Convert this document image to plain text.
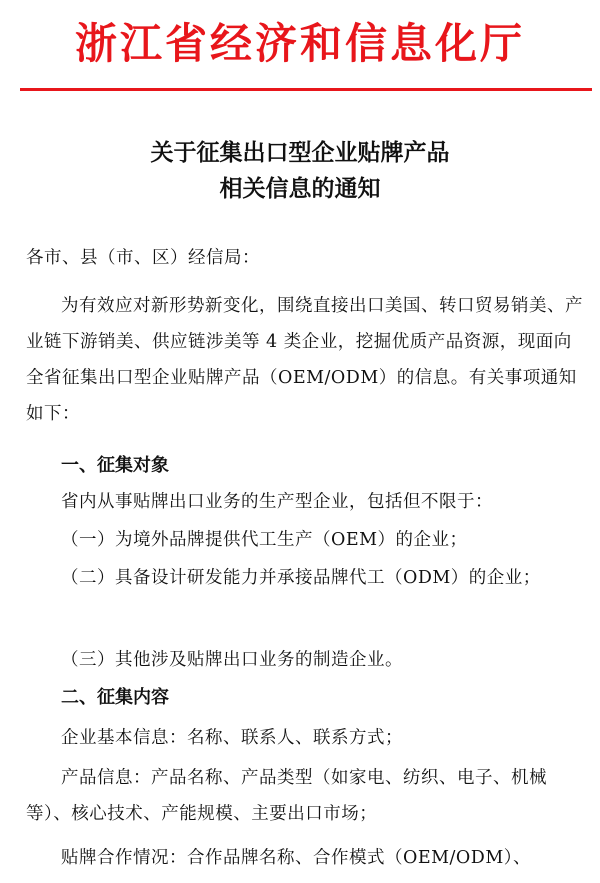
浙江省经济和信息化厅
关于征集出口型企业贴牌产品
相关信息的通知
各市、县（市、区）经信局：
为有效应对新形势新变化，围绕直接出口美国、转口贸易销美、产业链下游销美、供应链涉美等 4 类企业，挖掘优质产品资源，现面向全省征集出口型企业贴牌产品（OEM/ODM）的信息。有关事项通知如下：
一、征集对象
省内从事贴牌出口业务的生产型企业，包括但不限于：
（一）为境外品牌提供代工生产（OEM）的企业；
（二）具备设计研发能力并承接品牌代工（ODM）的企业；
（三）其他涉及贴牌出口业务的制造企业。
二、征集内容
企业基本信息：名称、联系人、联系方式；
产品信息：产品名称、产品类型（如家电、纺织、电子、机械等）、核心技术、产能规模、主要出口市场；
贴牌合作情况：合作品牌名称、合作模式（OEM/ODM）、
